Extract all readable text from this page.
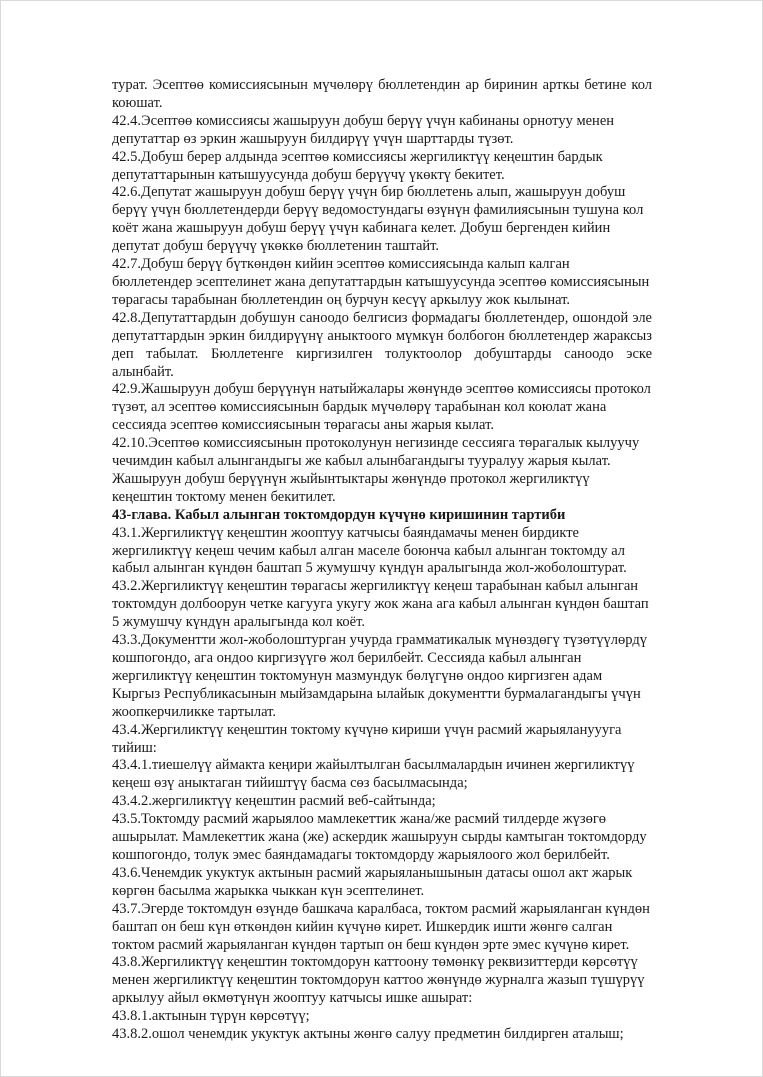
турат. Эсептөө комиссиясынын мүчөлөрү бюллетендин ар биринин арткы бетине кол коюшат.

42.4.Эсептөө комиссиясы жашыруун добуш берүү үчүн кабинаны орнотуу менен депутаттар өз эркин жашыруун билдирүү үчүн шарттарды түзөт.

42.5.Добуш берер алдында эсептөө комиссиясы жергиликтүү кеңештин бардык депутаттарынын катышуусунда добуш берүүчү үкөктү бекитет.

42.6.Депутат жашыруун добуш берүү үчүн бир бюллетень алып, жашыруун добуш берүү үчүн бюллетендерди берүү ведомостундагы өзүнүн фамилиясынын тушуна кол коёт жана жашыруун добуш берүү үчүн кабинага келет. Добуш бергенден кийин депутат добуш берүүчү үкөккө бюллетенин таштайт.

42.7.Добуш берүү бүткөндөн кийин эсептөө комиссиясында калып калган бюллетендер эсептелинет жана депутаттардын катышуусунда эсептөө комиссиясынын төрагасы тарабынан бюллетендин оң бурчун кесүү аркылуу жок кылынат.

42.8.Депутаттардын добушун саноодо белгисиз формадагы бюллетендер, ошондой эле депутаттардын эркин билдирүүнү аныктоого мүмкүн болбогон бюллетендер жараксыз деп табылат. Бюллетенге киргизилген толуктоолор добуштарды саноодо эске алынбайт.

42.9.Жашыруун добуш берүүнүн натыйжалары жөнүндө эсептөө комиссиясы протокол түзөт, ал эсептөө комиссиясынын бардык мүчөлөрү тарабынан кол коюлат жана сессияда эсептөө комиссиясынын төрагасы аны жарыя кылат.

42.10.Эсептөө комиссиясынын протоколунун негизинде сессияга төрагалык кылуучу чечимдин кабыл алынгандыгы же кабыл алынбагандыгы тууралуу жарыя кылат. Жашыруун добуш берүүнүн жыйынтыктары жөнүндө протокол жергиликтүү кеңештин токтому менен бекитилет.

43-глава. Кабыл алынган токтомдордун күчүнө киришинин тартиби

43.1.Жергиликтүү кеңештин жооптуу катчысы баяндамачы менен бирдикте жергиликтүү кеңеш чечим кабыл алган маселе боюнча кабыл алынган токтомду ал кабыл алынган күндөн баштап 5 жумушчу күндүн аралыгында жол-жоболоштурат.

43.2.Жергиликтүү кеңештин төрагасы жергиликтүү кеңеш тарабынан кабыл алынган токтомдун долбоорун четке кагууга укугу жок жана ага кабыл алынган күндөн баштап 5 жумушчу күндүн аралыгында кол коёт.

43.3.Документти жол-жоболоштурган учурда грамматикалык мүнөздөгү түзөтүүлөрдү кошпогондо, ага ондоо киргизүүгө жол берилбейт. Сессияда кабыл алынган жергиликтүү кеңештин токтомунун мазмундук бөлүгүнө ондоо киргизген адам Кыргыз Республикасынын мыйзамдарына ылайык документти бурмалагандыгы үчүн жоопкерчиликке тартылат.

43.4.Жергиликтүү кеңештин токтому күчүнө кириши үчүн расмий жарыялануууга тийиш:

43.4.1.тиешелүү аймакта кеңири жайылтылган басылмалардын ичинен жергиликтүү кеңеш өзү аныктаган тийиштүү басма сөз басылмасында;

43.4.2.жергиликтүү кеңештин расмий веб-сайтында;

43.5.Токтомду расмий жарыялоо мамлекеттик жана/же расмий тилдерде жүзөгө ашырылат. Мамлекеттик жана (же) аскердик жашыруун сырды камтыган токтомдорду кошпогондо, толук эмес баяндамадагы токтомдорду жарыялоого жол берилбейт.

43.6.Ченемдик укуктук актынын расмий жарыяланышынын датасы ошол акт жарык көргөн басылма жарыкка чыккан күн эсептелинет.

43.7.Эгерде токтомдун өзүндө башкача каралбаса, токтом расмий жарыяланган күндөн баштап он беш күн өткөндөн кийин күчүнө кирет. Ишкердик ишти жөнгө салган токтом расмий жарыяланган күндөн тартып он беш күндөн эрте эмес күчүнө кирет.

43.8.Жергиликтүү кеңештин токтомдорун каттоону төмөнкү реквизиттерди көрсөтүү менен жергиликтүү кеңештин токтомдорун каттоо жөнүндө журналга жазып түшүрүү аркылуу айыл өкмөтүнүн жооптуу катчысы ишке ашырат:

43.8.1.актынын түрүн көрсөтүү;

43.8.2.ошол ченемдик укуктук актыны жөнгө салуу предметин билдирген аталыш;
